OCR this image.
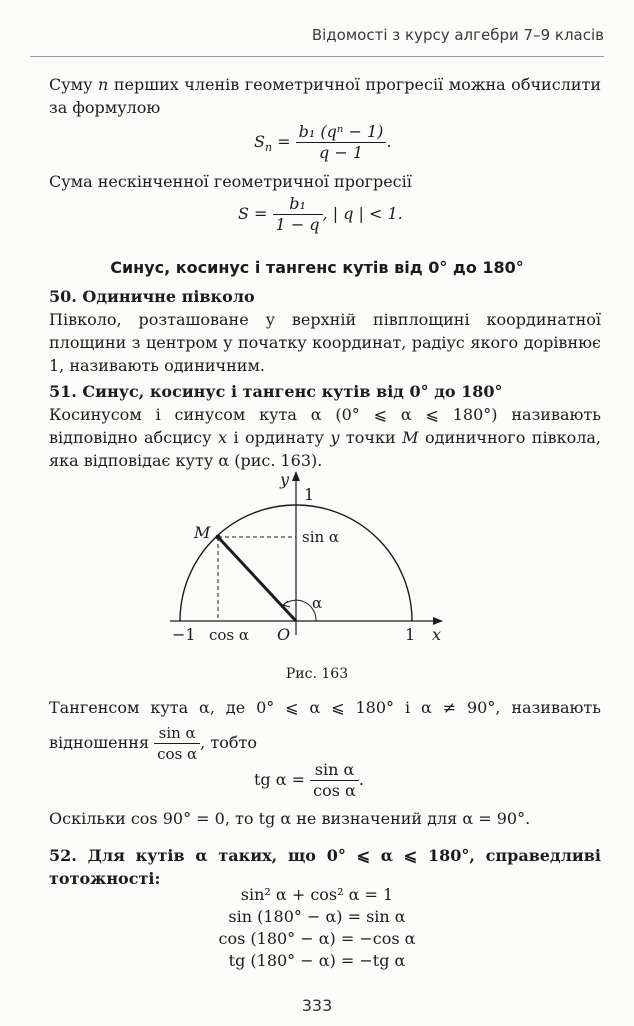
Відомості з курсу алгебри 7–9 класів
Суму n перших членів геометричної прогресії можна обчислити за формулою
$S_n = \frac{\text{b₁ (qⁿ − 1)}}{q - 1}$ .
Сума нескінченної геометричної прогресії
$S = \frac{\text{b₁}}{1 - q}$ , | q | < 1.
Синус, косинус і тангенс кутів від 0° до 180°
50. Одиничне півколо
Півколо, розташоване у верхній півплощині координатної площини з центром у початку координат, радіус якого дорівнює 1, називають одиничним.
51. Синус, косинус і тангенс кутів від 0° до 180°
Косинусом і синусом кута α (0° ⩽ α ⩽ 180°) називають відповідно абсцису x і ординату y точки M одиничного півкола, яка відповідає куту α (рис. 163).
y
1
sin α
M
α
−1 cos α O	1 x
Рис. 163
Тангенсом кута α, де 0° ⩽ α ⩽ 180° і α ≠ 90°, називають відношення $\frac{\text{sin α}}{\text{cos α}}$ , тобто
tg $\alpha = \frac{\text{sin α}}{\text{cos α}}$ .
Оскільки cos 90° = 0, то tg α не визначений для α = 90°.
52. Для кутів α таких, що 0° ⩽ α ⩽ 180°, справедливі тотожності:
sin² α + cos² α = 1
sin (180° − α) = sin α
cos (180° − α) = −cos α
tg (180° − α) = −tg α
333
